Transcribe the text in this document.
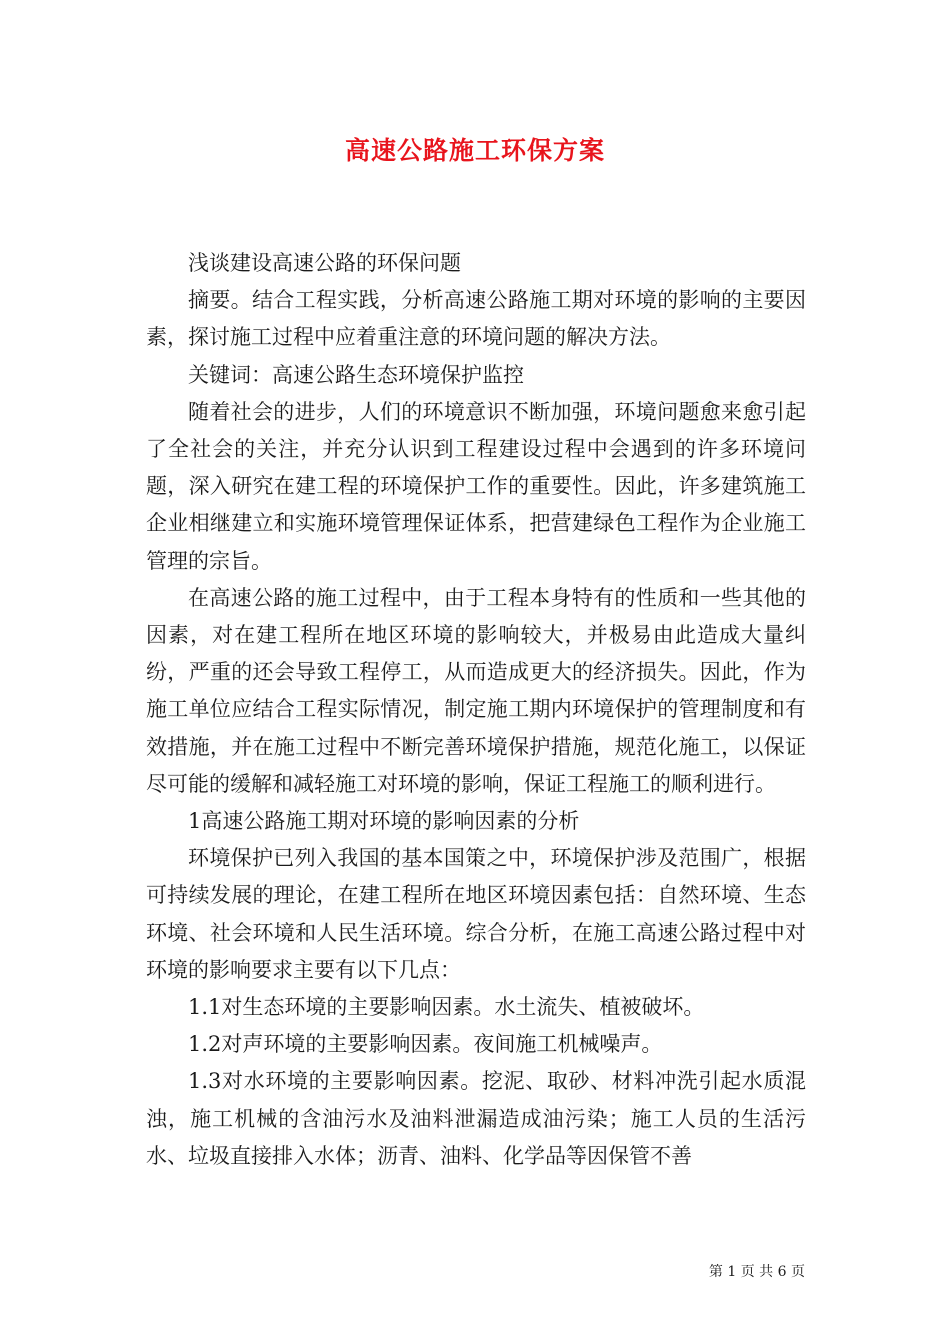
高速公路施工环保方案

浅谈建设高速公路的环保问题

摘要。结合工程实践，分析高速公路施工期对环境的影响的主要因素，探讨施工过程中应着重注意的环境问题的解决方法。

关键词：高速公路生态环境保护监控

随着社会的进步，人们的环境意识不断加强，环境问题愈来愈引起了全社会的关注，并充分认识到工程建设过程中会遇到的许多环境问题，深入研究在建工程的环境保护工作的重要性。因此，许多建筑施工企业相继建立和实施环境管理保证体系，把营建绿色工程作为企业施工管理的宗旨。

在高速公路的施工过程中，由于工程本身特有的性质和一些其他的因素，对在建工程所在地区环境的影响较大，并极易由此造成大量纠纷，严重的还会导致工程停工，从而造成更大的经济损失。因此，作为施工单位应结合工程实际情况，制定施工期内环境保护的管理制度和有效措施，并在施工过程中不断完善环境保护措施，规范化施工，以保证尽可能的缓解和减轻施工对环境的影响，保证工程施工的顺利进行。

1高速公路施工期对环境的影响因素的分析

环境保护已列入我国的基本国策之中，环境保护涉及范围广，根据可持续发展的理论，在建工程所在地区环境因素包括：自然环境、生态环境、社会环境和人民生活环境。综合分析，在施工高速公路过程中对环境的影响要求主要有以下几点：

1.1对生态环境的主要影响因素。水土流失、植被破坏。

1.2对声环境的主要影响因素。夜间施工机械噪声。

1.3对水环境的主要影响因素。挖泥、取砂、材料冲洗引起水质混浊，施工机械的含油污水及油料泄漏造成油污染；施工人员的生活污水、垃圾直接排入水体；沥青、油料、化学品等因保管不善

第 1 页 共 6 页
